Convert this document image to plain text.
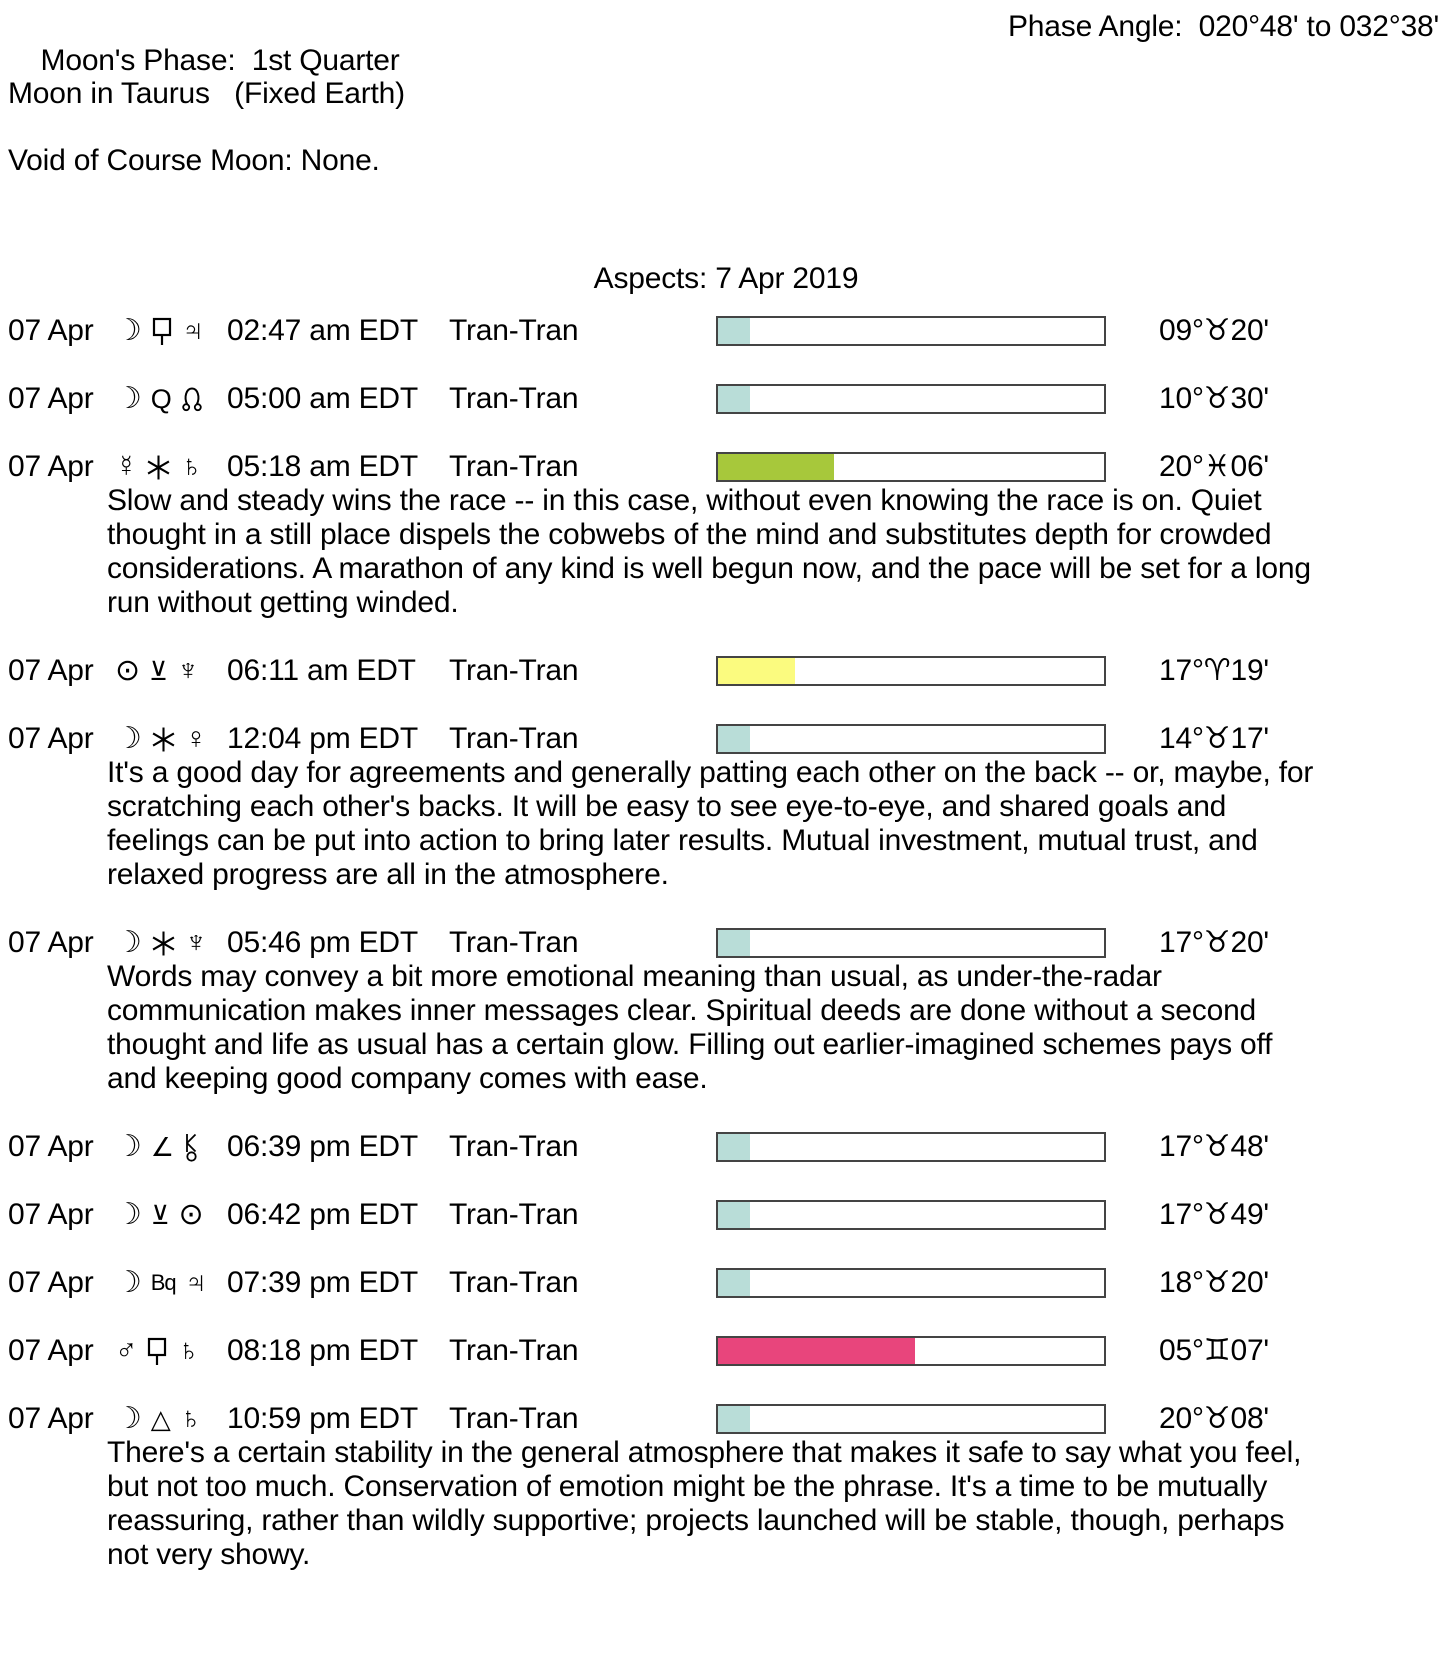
Moon's Phase:  1st Quarter

Phase Angle:  020°48' to 032°38'

Moon in Taurus   (Fixed Earth)
Void of Course Moon: None.
Aspects: 7 Apr 2019
07 Apr ☽ ♃ 02:47 am EDT	Tran-Tran	09°♉20'
07 Apr ☽ Q 05:00 am EDT	Tran-Tran	10°♉30'
07 Apr ☿ ♄ 05:18 am EDT	Tran-Tran	20°♓06'
Slow and steady wins the race -- in this case, without even knowing the race is on. Quiet
thought in a still place dispels the cobwebs of the mind and substitutes depth for crowded
considerations. A marathon of any kind is well begun now, and the pace will be set for a long
run without getting winded.
07 Apr ⊙ ⊻ ♆ 06:11 am EDT	Tran-Tran	17°♈19'
07 Apr ☽ ♀ 12:04 pm EDT	Tran-Tran	14°♉17'
It's a good day for agreements and generally patting each other on the back -- or, maybe, for
scratching each other's backs. It will be easy to see eye-to-eye, and shared goals and
feelings can be put into action to bring later results. Mutual investment, mutual trust, and
relaxed progress are all in the atmosphere.
07 Apr ☽ ♆ 05:46 pm EDT	Tran-Tran	17°♉20'
Words may convey a bit more emotional meaning than usual, as under-the-radar
communication makes inner messages clear. Spiritual deeds are done without a second
thought and life as usual has a certain glow. Filling out earlier-imagined schemes pays off
and keeping good company comes with ease.
07 Apr ☽ ∠ 06:39 pm EDT	Tran-Tran	17°♉48'
07 Apr ☽ ⊻ ⊙ 06:42 pm EDT	Tran-Tran	17°♉49'
07 Apr ☽ Bq ♃ 07:39 pm EDT	Tran-Tran	18°♉20'
07 Apr ♂ ♄ 08:18 pm EDT	Tran-Tran	05°♊07'
07 Apr ☽ △ ♄ 10:59 pm EDT	Tran-Tran	20°♉08'
There's a certain stability in the general atmosphere that makes it safe to say what you feel,
but not too much. Conservation of emotion might be the phrase. It's a time to be mutually
reassuring, rather than wildly supportive; projects launched will be stable, though, perhaps
not very showy.
